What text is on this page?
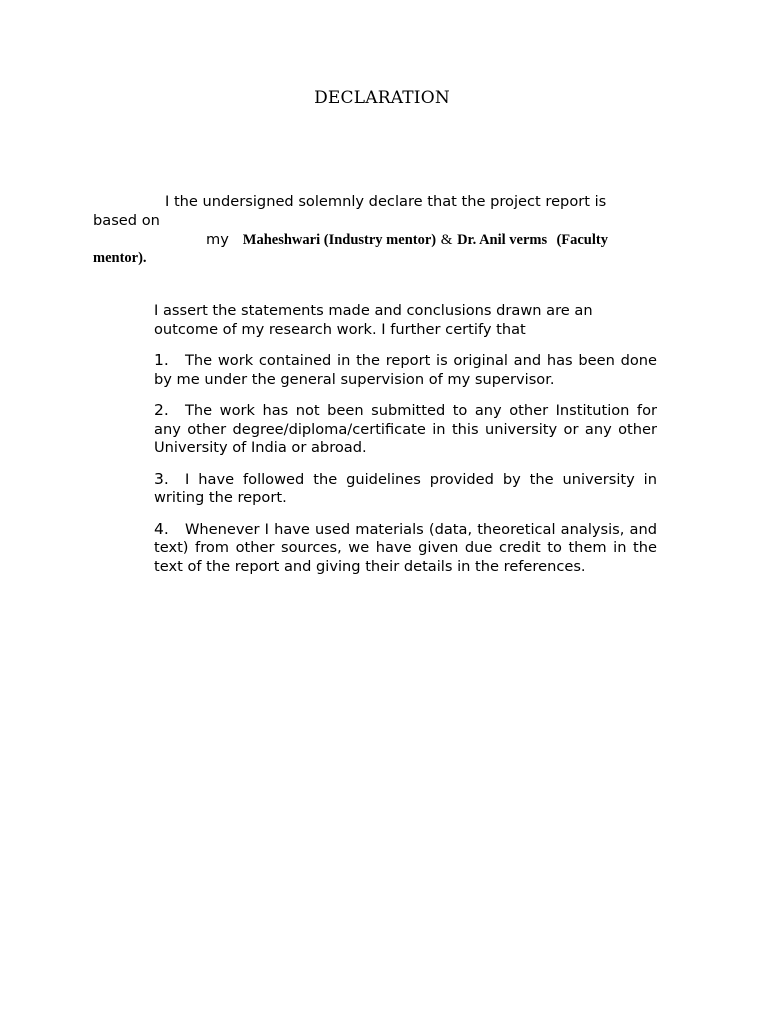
DECLARATION
I the undersigned solemnly declare that the project report is
based on
my Maheshwari (Industry mentor) & Dr. Anil verms (Faculty
mentor).

I assert the statements made and conclusions drawn are an outcome of my research work. I further certify that

1. The work contained in the report is original and has been done by me under the general supervision of my supervisor.

2. The work has not been submitted to any other Institution for any other degree/diploma/certificate in this university or any other University of India or abroad.

3. I have followed the guidelines provided by the university in writing the report.

4. Whenever I have used materials (data, theoretical analysis, and text) from other sources, we have given due credit to them in the text of the report and giving their details in the references.
